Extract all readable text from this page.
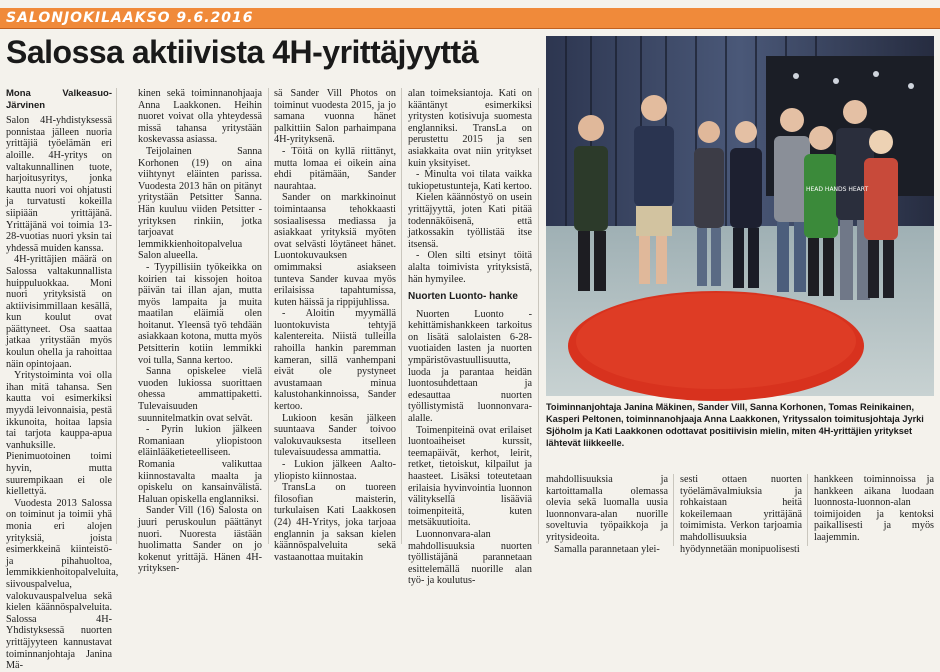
SALONJOKILAAKSO 9.6.2016
Salossa aktiivista 4H-yrittäjyyttä
Mona Valkeasuo-Järvinen

Salon 4H-yhdistyksessä ponnistaa jälleen nuoria yrittäjiä työelämän eri aloille. 4H-yritys on valtakunnallinen tuote, harjoitusyritys, jonka kautta nuori voi ohjatusti ja turvatusti kokeilla siipiään yrittäjänä. Yrittäjänä voi toimia 13-28-vuotias nuori yksin tai yhdessä muiden kanssa.

4H-yrittäjien määrä on Salossa valtakunnallista huippuluokkaa. Moni nuori yrityksistä on aktiivisimmillaan kesällä, kun koulut ovat päättyneet. Osa saattaa jatkaa yritystään myös koulun ohella ja rahoittaa näin opintojaan.

Yritystoiminta voi olla ihan mitä tahansa. Sen kautta voi esimerkiksi myydä leivonnaisia, pestä ikkunoita, hoitaa lapsia tai tarjota kauppa-apua vanhuksille. Pienimuotoinen toimi hyvin, mutta suurempikaan ei ole kiellettyä.

Vuodesta 2013 Salossa on toiminut ja toimii yhä monia eri alojen yrityksiä, joista esimerkkeinä kiinteistö- ja pihahuoltoa, lemmikkienhoitopalveluita, siivouspalvelua, valokuvauspalvelua sekä kielen käännöspalveluita. Salossa 4H-Yhdistyksessä nuorten yrittäjyyteen kannustavat toiminnanjohtaja Janina Mä-

kinen sekä toiminnanohjaaja Anna Laakkonen. Heihin nuoret voivat olla yhteydessä missä tahansa yritystään koskevassa asiassa.

Teijolainen Sanna Korhonen (19) on aina viihtynyt eläinten parissa. Vuodesta 2013 hän on pitänyt yritystään Petsitter Sanna. Hän kuuluu viiden Petsitter -yrityksen rinkiin, jotka tarjoavat lemmikkienhoitopalvelua Salon alueella.

- Tyypillisiin työkeikka on koirien tai kissojen hoitoa päivän tai illan ajan, mutta myös lampaita ja muita maatilan eläimiä olen hoitanut. Yleensä työ tehdään asiakkaan kotona, mutta myös Petsitterin kotiin lemmikki voi tulla, Sanna kertoo.

Sanna opiskelee vielä vuoden lukiossa suorittaen ohessa ammattipaketti. Tulevaisuuden suunnitelmatkin ovat selvät.

- Pyrin lukion jälkeen Romaniaan yliopistoon eläinlääketieteelliseen. Romania valikuttaa kiinnostavalta maalta ja opiskelu on kansainvälistä. Haluan opiskella englanniksi.

Sander Vill (16) Salosta on juuri peruskoulun päättänyt nuori. Nuoresta iästään huolimatta Sander on jo kokenut yrittäjä. Hänen 4H-yrityksen-

sä Sander Vill Photos on toiminut vuodesta 2015, ja jo samana vuonna hänet palkittiin Salon parhaimpana 4H-yrityksenä.

- Töitä on kyllä riittänyt, mutta lomaa ei oikein aina ehdi pitämään, Sander naurahtaa.

Sander on markkinoinut toimintaansa tehokkaasti sosiaalisessa mediassa ja asiakkaat yrityksiä myöten ovat selvästi löytäneet hänet. Luontokuvauksen omimmaksi asiakseen tunteva Sander kuvaa myös erilaisissa tapahtumissa, kuten häissä ja rippijuhlissa.

- Aloitin myymällä luontokuvista tehtyjä kalentereita. Niistä tulleilla rahoilla hankin paremman kameran, sillä vanhempani eivät ole pystyneet avustamaan minua kalustohankinnoissa, Sander kertoo.

Lukioon kesän jälkeen suuntaava Sander toivoo valokuvauksesta itselleen tulevaisuudessa ammattia.

- Lukion jälkeen Aalto-yliopisto kiinnostaa.

TransLa on tuoreen filosofian maisterin, turkulaisen Kati Laakkosen (24) 4H-Yritys, joka tarjoaa englannin ja saksan kielen käännöspalveluita sekä vastaanottaa muitakin

alan toimeksiantoja. Kati on kääntänyt esimerkiksi yritysten kotisivuja suomesta englanniksi. TransLa on perustettu 2015 ja sen asiakkaita ovat niin yritykset kuin yksityiset.

- Minulta voi tilata vaikka tukiopetustuntejа, Kati kertoo.

Kielen käännöstyö on usein yrittäjyyttä, joten Kati pitää todennäköisenä, että jatkossakin työllistää itse itsensä.

- Olen silti etsinyt töitä alalta toimivista yrityksistä, hän hymyilee.

Nuorten Luonto- hanke

Nuorten Luonto -kehittämishankkeen tarkoitus on lisätä salolaisten 6-28-vuotiaiden lasten ja nuorten ympäristövastuullisuutta, luoda ja parantaa heidän luontosuhdettaan ja edesauttaa nuorten työllistymistä luonnonvara-alalle.

Toimenpiteinä ovat erilaiset luontoaiheiset kurssit, teemapäivät, kerhot, leirit, retket, tietoiskut, kilpailut ja haasteet. Lisäksi toteutetaan erilaisia hyvinvointia luonnon välityksellä lisääviä toimenpiteitä, kuten metsäkuutioita.

Luonnonvara-alan mahdollisuuksia nuorten työllistäjänä parannetaan esittelemällä nuorille alan työ- ja koulutus-

HEAD HANDS HEART
Toiminnanjohtaja Janina Mäkinen, Sander Vill, Sanna Korhonen, Tomas Reinikainen, Kasperi Peltonen, toiminnanohjaaja Anna Laakkonen, Yrityssalon toimitusjohtaja Jyrki Sjöholm ja Kati Laakkonen odottavat positiivisin mielin, miten 4H-yrittäjien yritykset lähtevät liikkeelle.

mahdollisuuksia ja kartoittamalla olemassa olevia sekä luomalla uusia luonnonvara-alan nuorille soveltuvia työpaikkoja ja yritysideoita.

Samalla parannetaan ylei-

sesti ottaen nuorten työelämävalmiuksia ja rohkaistaan heitä kokeilemaan yrittäjänä toimimista. Verkon tarjoamia mahdollisuuksia hyödynnetään monipuolisesti

hankkeen toiminnoissa ja hankkeen aikana luodaan luonnosta-luonnon-alan toimijoiden ja kentoksi paikallisesti ja myös laajemmin.
